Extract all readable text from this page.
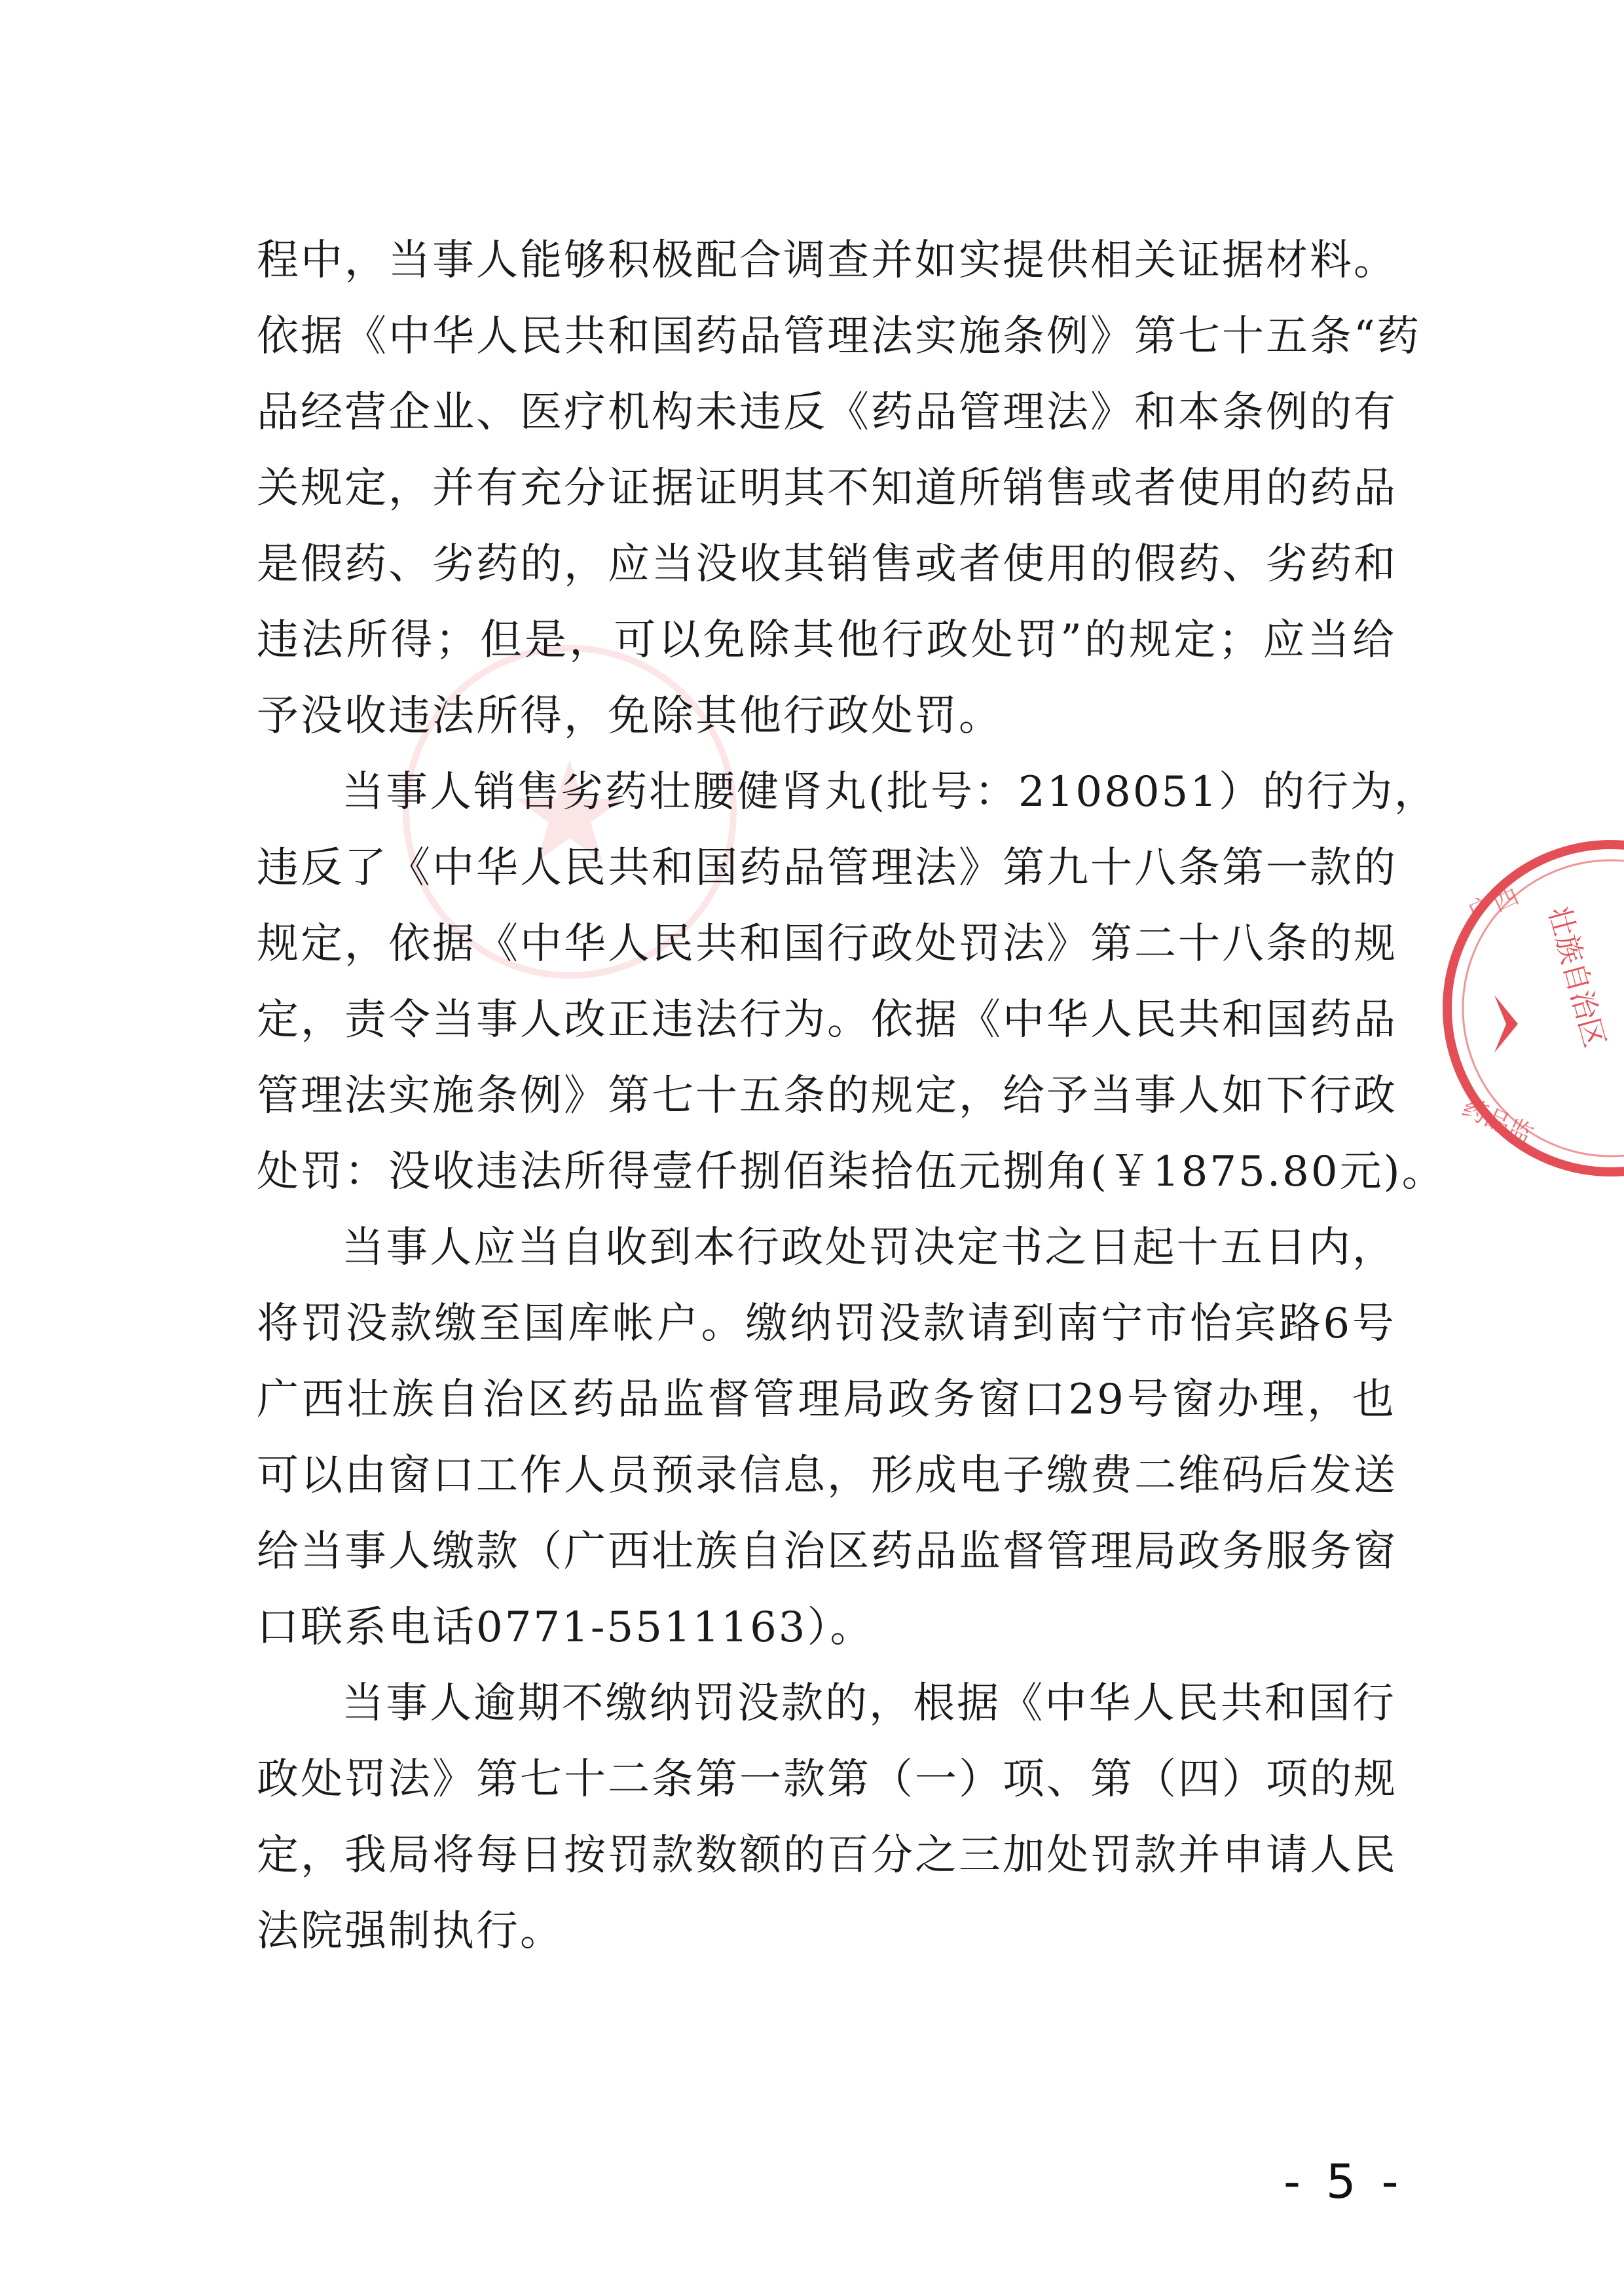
程中，当事人能够积极配合调查并如实提供相关证据材料。
依据《中华人民共和国药品管理法实施条例》第七十五条“药
品经营企业、医疗机构未违反《药品管理法》和本条例的有
关规定，并有充分证据证明其不知道所销售或者使用的药品
是假药、劣药的，应当没收其销售或者使用的假药、劣药和
违法所得；但是，可以免除其他行政处罚”的规定；应当给
予没收违法所得，免除其他行政处罚。
当事人销售劣药壮腰健肾丸(批号：2108051）的行为，
违反了《中华人民共和国药品管理法》第九十八条第一款的
规定，依据《中华人民共和国行政处罚法》第二十八条的规
定，责令当事人改正违法行为。依据《中华人民共和国药品
管理法实施条例》第七十五条的规定，给予当事人如下行政
处罚：没收违法所得壹仟捌佰柒拾伍元捌角(￥1875.80元)。
当事人应当自收到本行政处罚决定书之日起十五日内，
将罚没款缴至国库帐户。缴纳罚没款请到南宁市怡宾路6号
广西壮族自治区药品监督管理局政务窗口29号窗办理，也
可以由窗口工作人员预录信息，形成电子缴费二维码后发送
给当事人缴款（广西壮族自治区药品监督管理局政务服务窗
口联系电话0771-5511163）。
当事人逾期不缴纳罚没款的，根据《中华人民共和国行
政处罚法》第七十二条第一款第（一）项、第（四）项的规
定，我局将每日按罚款数额的百分之三加处罚款并申请人民
法院强制执行。
广西 壮族自治区
药品监
- 5 -
